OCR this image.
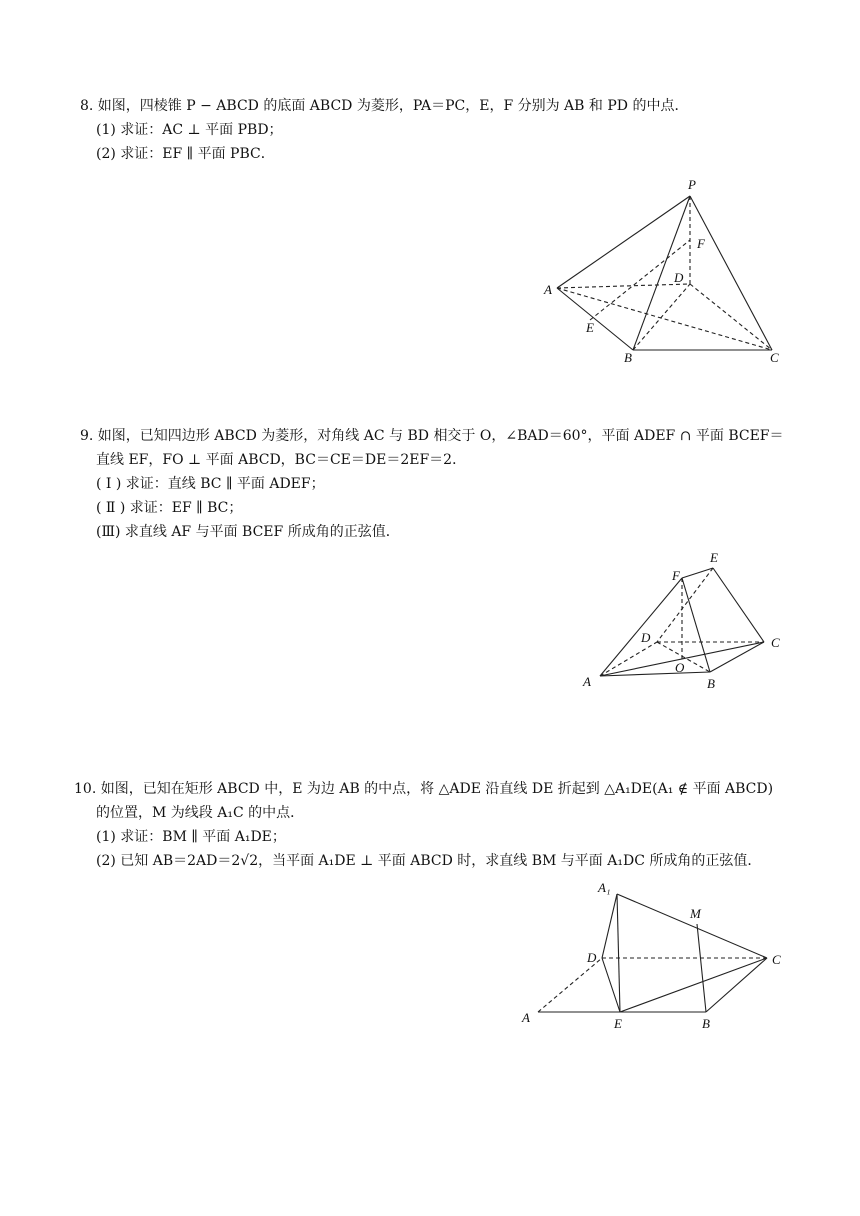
8. 如图，四棱锥 P − ABCD 的底面 ABCD 为菱形，PA＝PC，E，F 分别为 AB 和 PD 的中点．
(1) 求证：AC ⊥ 平面 PBD；
(2) 求证：EF ∥ 平面 PBC．
P
F
D
A
E
B	C
9. 如图，已知四边形 ABCD 为菱形，对角线 AC 与 BD 相交于 O，∠BAD＝60°，平面 ADEF ∩ 平面 BCEF＝
直线 EF，FO ⊥ 平面 ABCD，BC＝CE＝DE＝2EF＝2．
( Ⅰ ) 求证：直线 BC ∥ 平面 ADEF；
( Ⅱ ) 求证：EF ∥ BC；
(Ⅲ) 求直线 AF 与平面 BCEF 所成角的正弦值．
F
E
D	C
O
A	B
10. 如图，已知在矩形 ABCD 中，E 为边 AB 的中点，将 △ADE 沿直线 DE 折起到 △A₁DE(A₁ ∉ 平面 ABCD)
的位置，M 为线段 A₁C 的中点．
(1) 求证：BM ∥ 平面 A₁DE；
(2) 已知 AB＝2AD＝2√2，当平面 A₁DE ⊥ 平面 ABCD 时，求直线 BM 与平面 A₁DC 所成角的正弦值．
A₁
M
D	C
A	E	B
